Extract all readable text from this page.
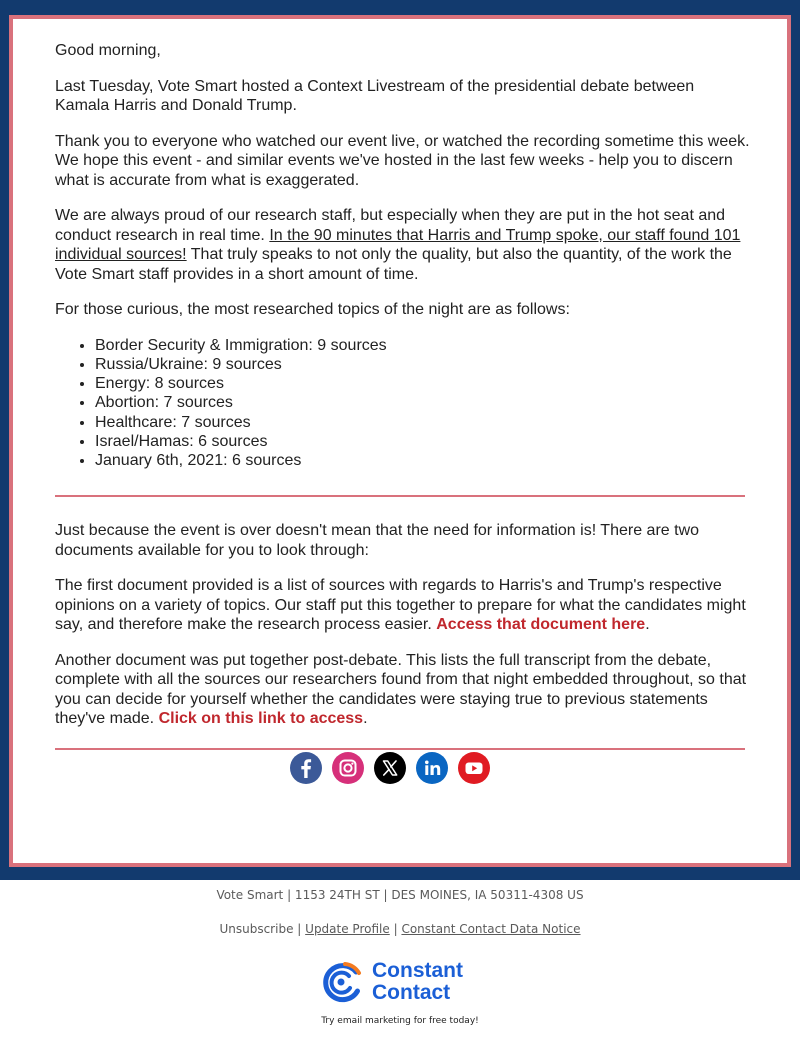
Good morning,

Last Tuesday, Vote Smart hosted a Context Livestream of the presidential debate between Kamala Harris and Donald Trump.

Thank you to everyone who watched our event live, or watched the recording sometime this week. We hope this event - and similar events we've hosted in the last few weeks - help you to discern what is accurate from what is exaggerated.

We are always proud of our research staff, but especially when they are put in the hot seat and conduct research in real time. In the 90 minutes that Harris and Trump spoke, our staff found 101 individual sources! That truly speaks to not only the quality, but also the quantity, of the work the Vote Smart staff provides in a short amount of time.

For those curious, the most researched topics of the night are as follows:

• Border Security & Immigration: 9 sources
• Russia/Ukraine: 9 sources
• Energy: 8 sources
• Abortion: 7 sources
• Healthcare: 7 sources
• Israel/Hamas: 6 sources
• January 6th, 2021: 6 sources

Just because the event is over doesn't mean that the need for information is! There are two documents available for you to look through:

The first document provided is a list of sources with regards to Harris's and Trump's respective opinions on a variety of topics. Our staff put this together to prepare for what the candidates might say, and therefore make the research process easier. Access that document here.

Another document was put together post-debate. This lists the full transcript from the debate, complete with all the sources our researchers found from that night embedded throughout, so that you can decide for yourself whether the candidates were staying true to previous statements they've made. Click on this link to access.

Vote Smart | 1153 24TH ST | DES MOINES, IA 50311-4308 US
Unsubscribe | Update Profile | Constant Contact Data Notice
Constant
Contact
Try email marketing for free today!
